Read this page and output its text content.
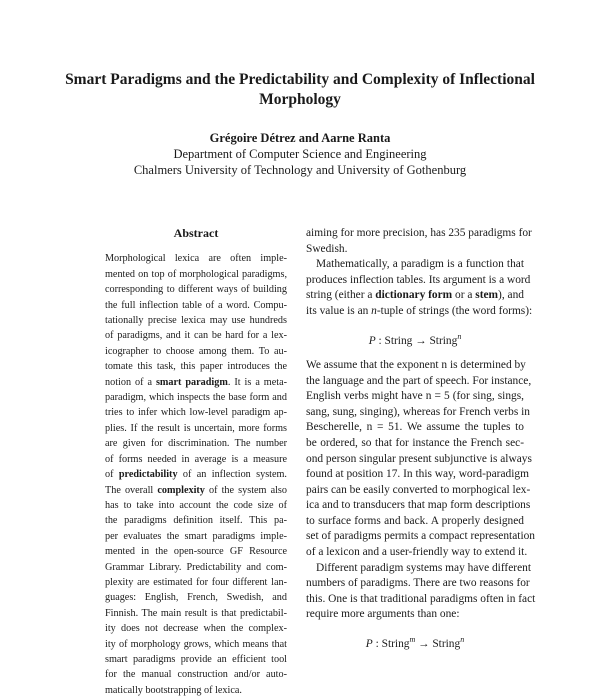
Smart Paradigms and the Predictability and Complexity of Inflectional
Morphology
Grégoire Détrez and Aarne Ranta
Department of Computer Science and Engineering
Chalmers University of Technology and University of Gothenburg
Abstract
Morphological lexica are often imple-
mented on top of morphological paradigms,
corresponding to different ways of building
the full inflection table of a word. Compu-
tationally precise lexica may use hundreds
of paradigms, and it can be hard for a lex-
icographer to choose among them. To au-
tomate this task, this paper introduces the
notion of a smart paradigm. It is a meta-
paradigm, which inspects the base form and
tries to infer which low-level paradigm ap-
plies. If the result is uncertain, more forms
are given for discrimination. The number
of forms needed in average is a measure
of predictability of an inflection system.
The overall complexity of the system also
has to take into account the code size of
the paradigms definition itself. This pa-
per evaluates the smart paradigms imple-
mented in the open-source GF Resource
Grammar Library. Predictability and com-
plexity are estimated for four different lan-
guages: English, French, Swedish, and
Finnish. The main result is that predictabil-
ity does not decrease when the complex-
ity of morphology grows, which means that
smart paradigms provide an efficient tool
for the manual construction and/or auto-
matically bootstrapping of lexica.

aiming for more precision, has 235 paradigms for
Swedish.

Mathematically, a paradigm is a function that
produces inflection tables. Its argument is a word
string (either a dictionary form or a stem), and
its value is an n-tuple of strings (the word forms):

P : String → String$^n$

We assume that the exponent n is determined by
the language and the part of speech. For instance,
English verbs might have n = 5 (for sing, sings,
sang, sung, singing), whereas for French verbs in
Bescherelle, n = 51. We assume the tuples to
be ordered, so that for instance the French sec-
ond person singular present subjunctive is always
found at position 17. In this way, word-paradigm
pairs can be easily converted to morphogical lex-
ica and to transducers that map form descriptions
to surface forms and back. A properly designed
set of paradigms permits a compact representation
of a lexicon and a user-friendly way to extend it.

Different paradigm systems may have different
numbers of paradigms. There are two reasons for
this. One is that traditional paradigms often in fact
require more arguments than one:

P : String$^m$ → String$^n$
